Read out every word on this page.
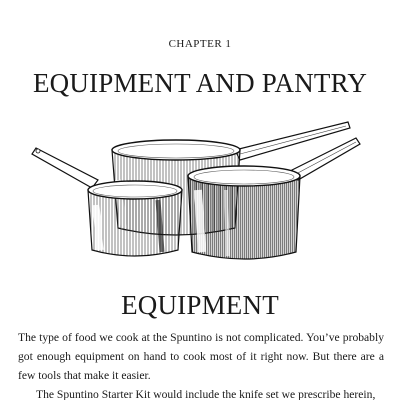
CHAPTER 1
EQUIPMENT AND PANTRY
EQUIPMENT

The type of food we cook at the Spuntino is not complicated. You’ve probably got enough equipment on hand to cook most of it right now. But there are a few tools that make it easier.

The Spuntino Starter Kit would include the knife set we prescribe herein,
